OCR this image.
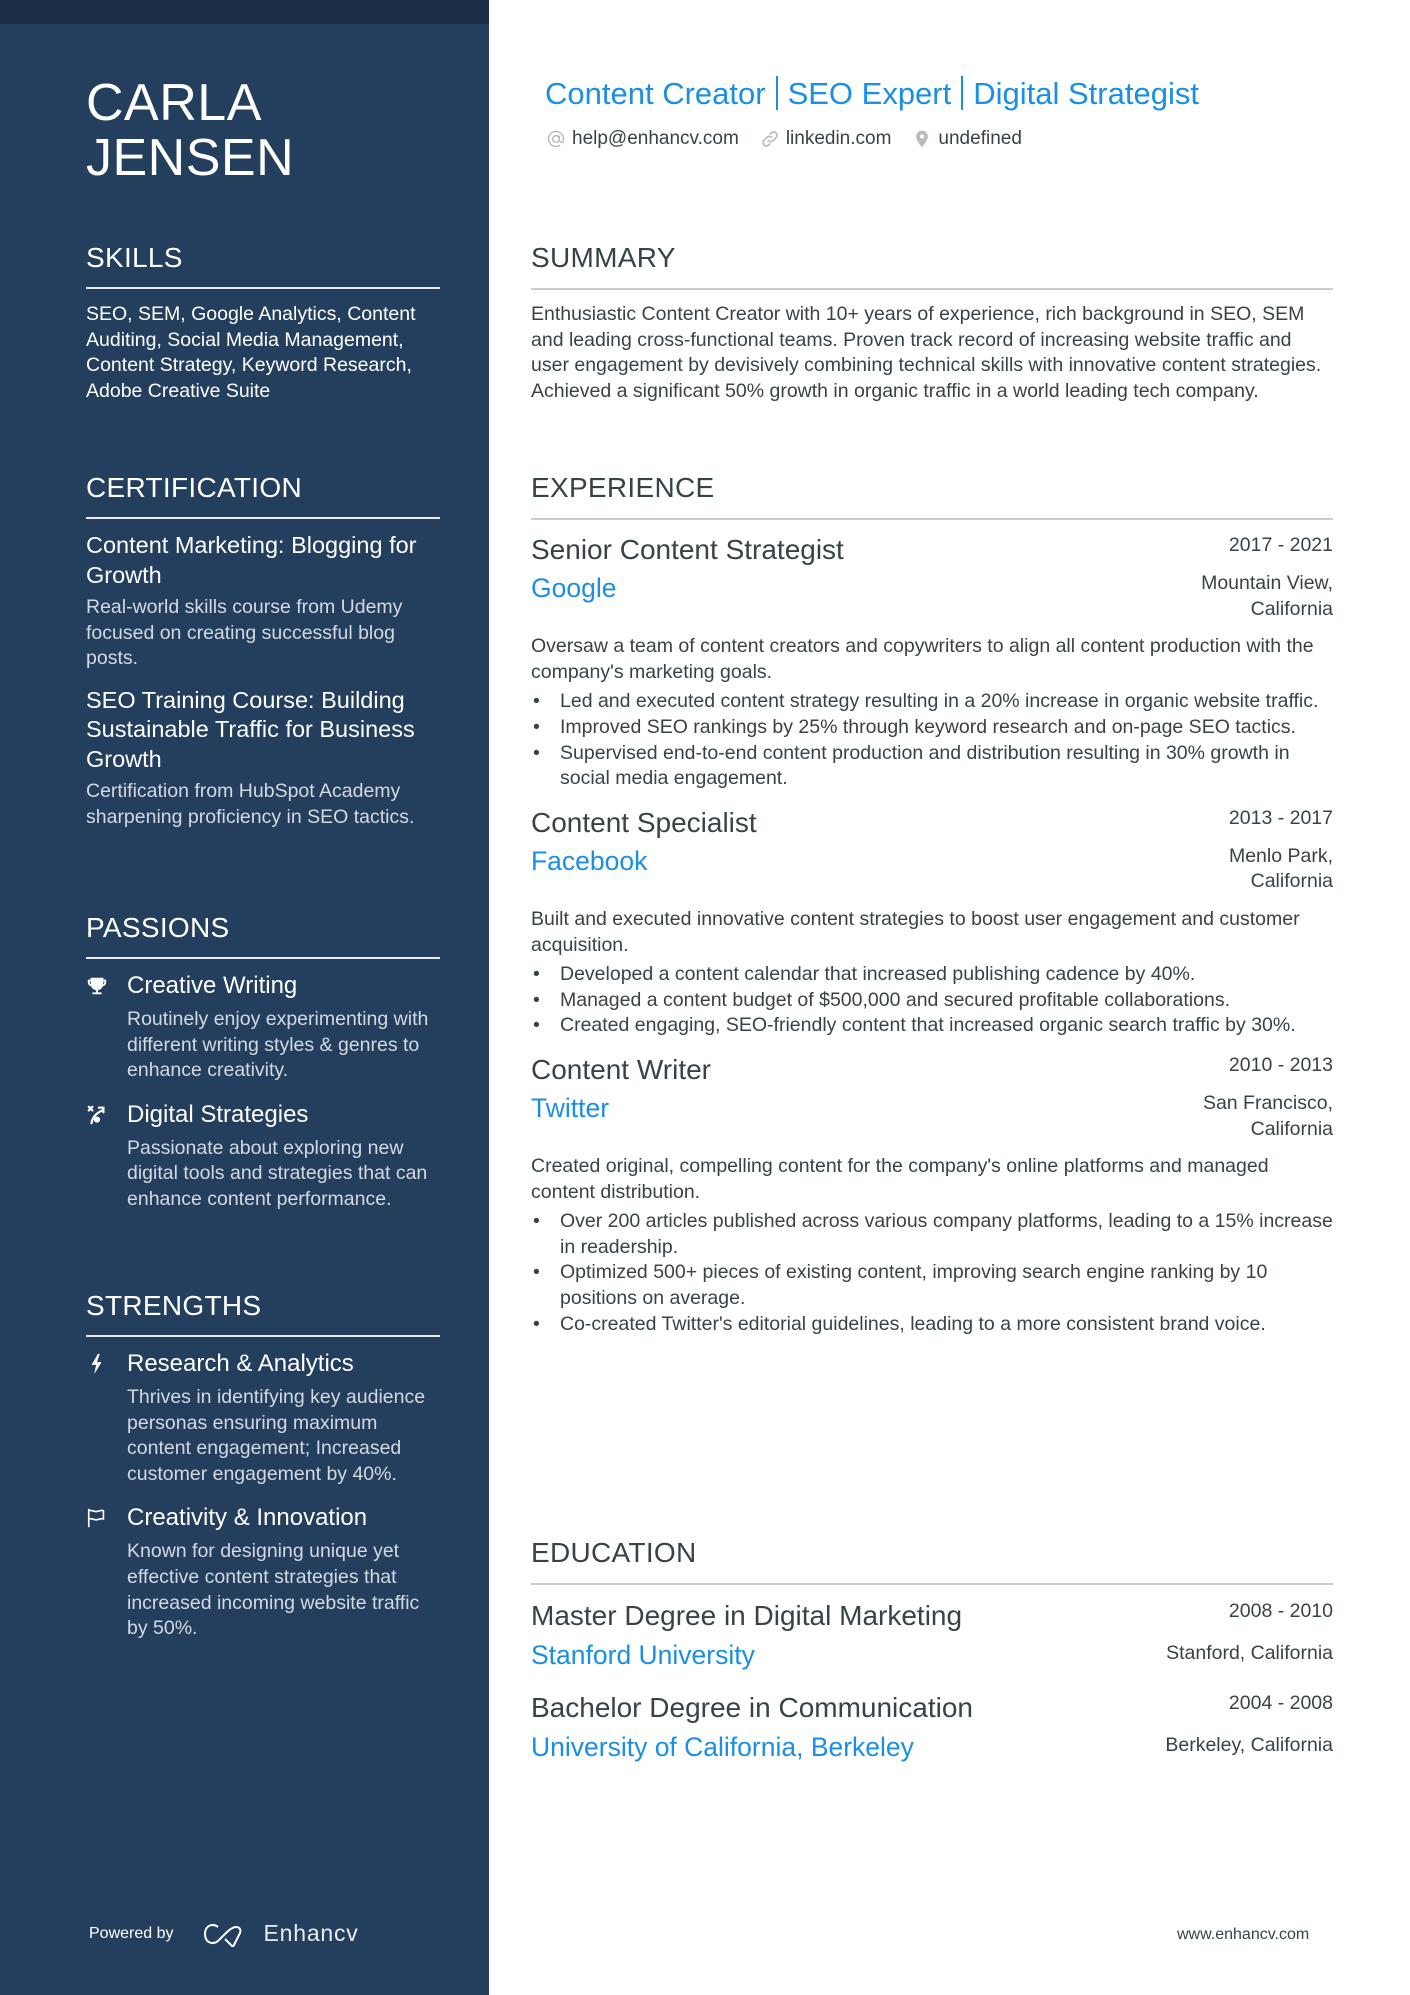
CARLA
JENSEN
SKILLS
SEO, SEM, Google Analytics, Content Auditing, Social Media Management, Content Strategy, Keyword Research, Adobe Creative Suite
CERTIFICATION
Content Marketing: Blogging for Growth
Real-world skills course from Udemy focused on creating successful blog posts.
SEO Training Course: Building Sustainable Traffic for Business Growth
Certification from HubSpot Academy sharpening proficiency in SEO tactics.
PASSIONS
Creative Writing
Routinely enjoy experimenting with different writing styles & genres to enhance creativity.
Digital Strategies
Passionate about exploring new digital tools and strategies that can enhance content performance.
STRENGTHS
Research & Analytics
Thrives in identifying key audience personas ensuring maximum content engagement; Increased customer engagement by 40%.
Creativity & Innovation
Known for designing unique yet effective content strategies that increased incoming website traffic by 50%.
Powered by	Enhancv
Content Creator SEO Expert Digital Strategist
help@enhancv.com linkedin.com undefined
SUMMARY
Enthusiastic Content Creator with 10+ years of experience, rich background in SEO, SEM and leading cross-functional teams. Proven track record of increasing website traffic and user engagement by devisively combining technical skills with innovative content strategies. Achieved a significant 50% growth in organic traffic in a world leading tech company.
EXPERIENCE
Senior Content Strategist	2017 - 2021
Google	Mountain View, California
Oversaw a team of content creators and copywriters to align all content production with the company's marketing goals.
• Led and executed content strategy resulting in a 20% increase in organic website traffic.
• Improved SEO rankings by 25% through keyword research and on-page SEO tactics.
• Supervised end-to-end content production and distribution resulting in 30% growth in social media engagement.
Content Specialist	2013 - 2017
Facebook	Menlo Park, California
Built and executed innovative content strategies to boost user engagement and customer acquisition.
• Developed a content calendar that increased publishing cadence by 40%.
• Managed a content budget of $500,000 and secured profitable collaborations.
• Created engaging, SEO-friendly content that increased organic search traffic by 30%.
Content Writer	2010 - 2013
Twitter	San Francisco, California
Created original, compelling content for the company's online platforms and managed content distribution.
• Over 200 articles published across various company platforms, leading to a 15% increase in readership.
• Optimized 500+ pieces of existing content, improving search engine ranking by 10 positions on average.
• Co-created Twitter's editorial guidelines, leading to a more consistent brand voice.
EDUCATION
Master Degree in Digital Marketing	2008 - 2010
Stanford University	Stanford, California
Bachelor Degree in Communication	2004 - 2008
University of California, Berkeley	Berkeley, California
www.enhancv.com
